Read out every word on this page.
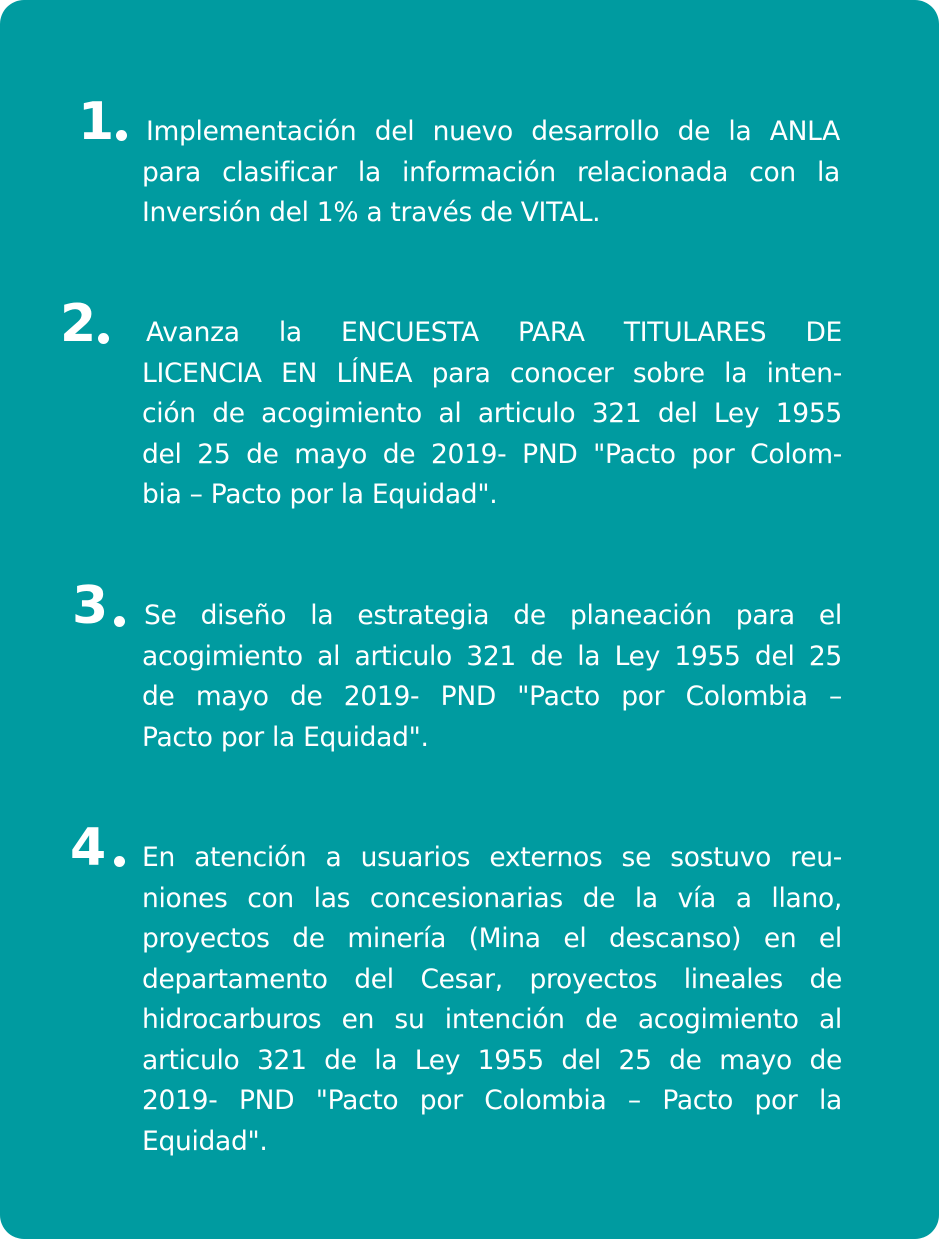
1 Implementación del nuevo desarrollo de la ANLA
para clasificar la información relacionada con la
Inversión del 1% a través de VITAL.
2 Avanza la ENCUESTA PARA TITULARES DE
LICENCIA EN LÍNEA para conocer sobre la inten-
ción de acogimiento al articulo 321 del Ley 1955
del 25 de mayo de 2019- PND "Pacto por Colom-
bia – Pacto por la Equidad".
3 Se diseño la estrategia de planeación para el
acogimiento al articulo 321 de la Ley 1955 del 25
de mayo de 2019- PND "Pacto por Colombia –
Pacto por la Equidad".
4 En atención a usuarios externos se sostuvo reu-
niones con las concesionarias de la vía a llano,
proyectos de minería (Mina el descanso) en el
departamento del Cesar, proyectos lineales de
hidrocarburos en su intención de acogimiento al
articulo 321 de la Ley 1955 del 25 de mayo de
2019- PND "Pacto por Colombia – Pacto por la
Equidad".
